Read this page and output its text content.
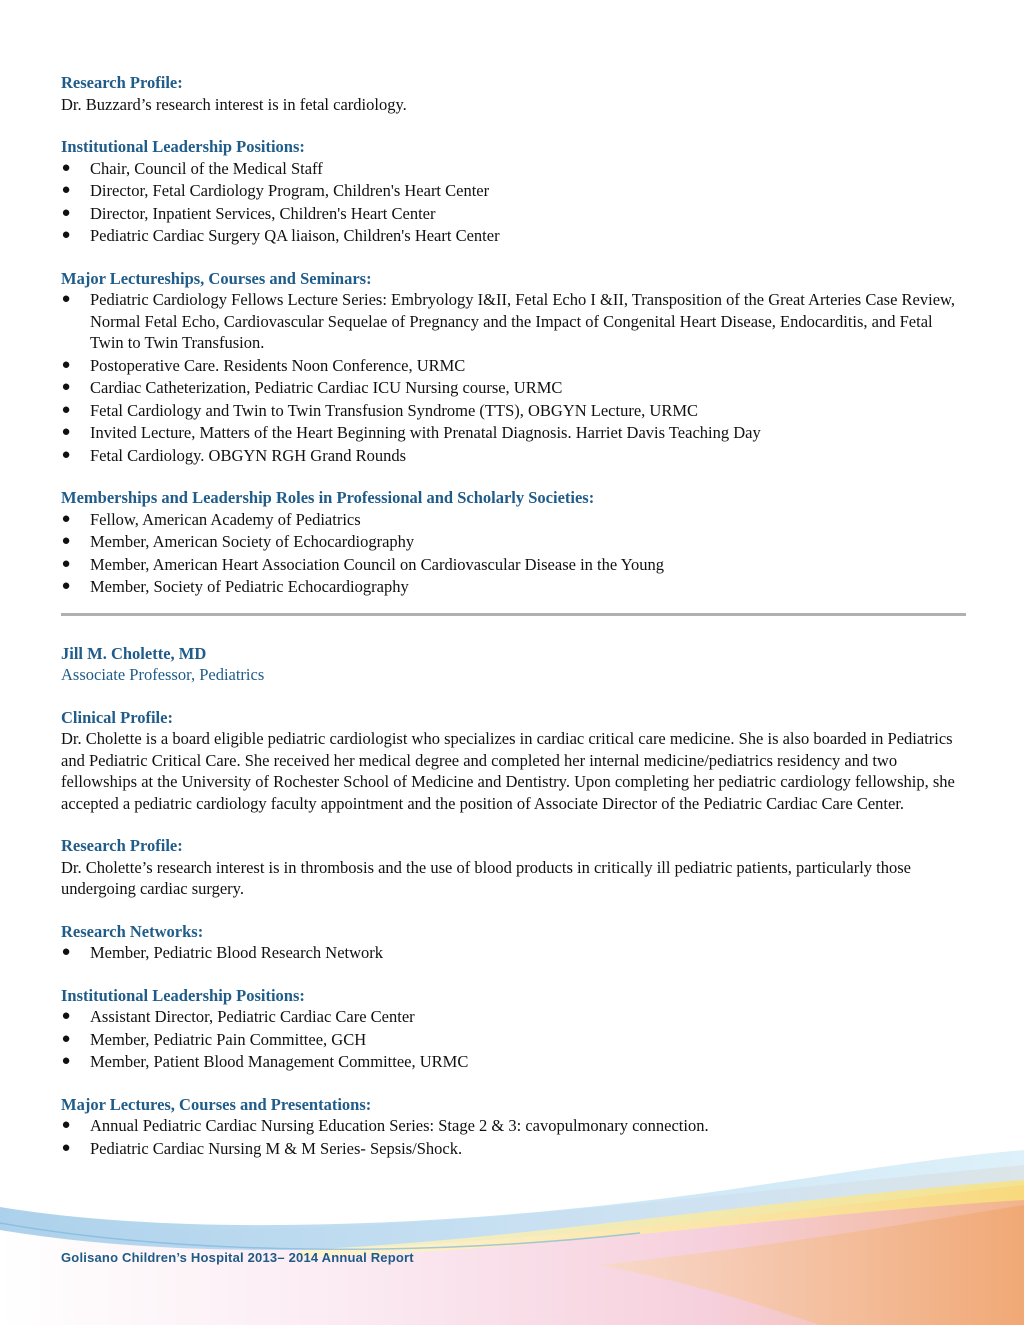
Research Profile:

Dr. Buzzard’s research interest is in fetal cardiology.

Institutional Leadership Positions:

● Chair, Council of the Medical Staff
● Director, Fetal Cardiology Program, Children's Heart Center
● Director, Inpatient Services, Children's Heart Center
● Pediatric Cardiac Surgery QA liaison, Children's Heart Center

Major Lectureships, Courses and Seminars:

● Pediatric Cardiology Fellows Lecture Series: Embryology I&II, Fetal Echo I &II, Transposition of the Great Arteries Case Review, Normal Fetal Echo, Cardiovascular Sequelae of Pregnancy and the Impact of Congenital Heart Disease, Endocarditis, and Fetal Twin to Twin Transfusion.
● Postoperative Care. Residents Noon Conference, URMC
● Cardiac Catheterization, Pediatric Cardiac ICU Nursing course, URMC
● Fetal Cardiology and Twin to Twin Transfusion Syndrome (TTS), OBGYN Lecture, URMC
● Invited Lecture, Matters of the Heart Beginning with Prenatal Diagnosis. Harriet Davis Teaching Day
● Fetal Cardiology. OBGYN RGH Grand Rounds

Memberships and Leadership Roles in Professional and Scholarly Societies:

● Fellow, American Academy of Pediatrics
● Member, American Society of Echocardiography
● Member, American Heart Association Council on Cardiovascular Disease in the Young
● Member, Society of Pediatric Echocardiography

Jill M. Cholette, MD

Associate Professor, Pediatrics

Clinical Profile:

Dr. Cholette is a board eligible pediatric cardiologist who specializes in cardiac critical care medicine. She is also boarded in Pediatrics and Pediatric Critical Care. She received her medical degree and completed her internal medicine/pediatrics residency and two fellowships at the University of Rochester School of Medicine and Dentistry. Upon completing her pediatric cardiology fellowship, she accepted a pediatric cardiology faculty appointment and the position of Associate Director of the Pediatric Cardiac Care Center.

Research Profile:

Dr. Cholette’s research interest is in thrombosis and the use of blood products in critically ill pediatric patients, particularly those undergoing cardiac surgery.

Research Networks:

● Member, Pediatric Blood Research Network

Institutional Leadership Positions:

● Assistant Director, Pediatric Cardiac Care Center
● Member, Pediatric Pain Committee, GCH
● Member, Patient Blood Management Committee, URMC

Major Lectures, Courses and Presentations:

● Annual Pediatric Cardiac Nursing Education Series: Stage 2 & 3: cavopulmonary connection.
● Pediatric Cardiac Nursing M & M Series- Sepsis/Shock.
Golisano Children’s Hospital 2013– 2014 Annual Report
